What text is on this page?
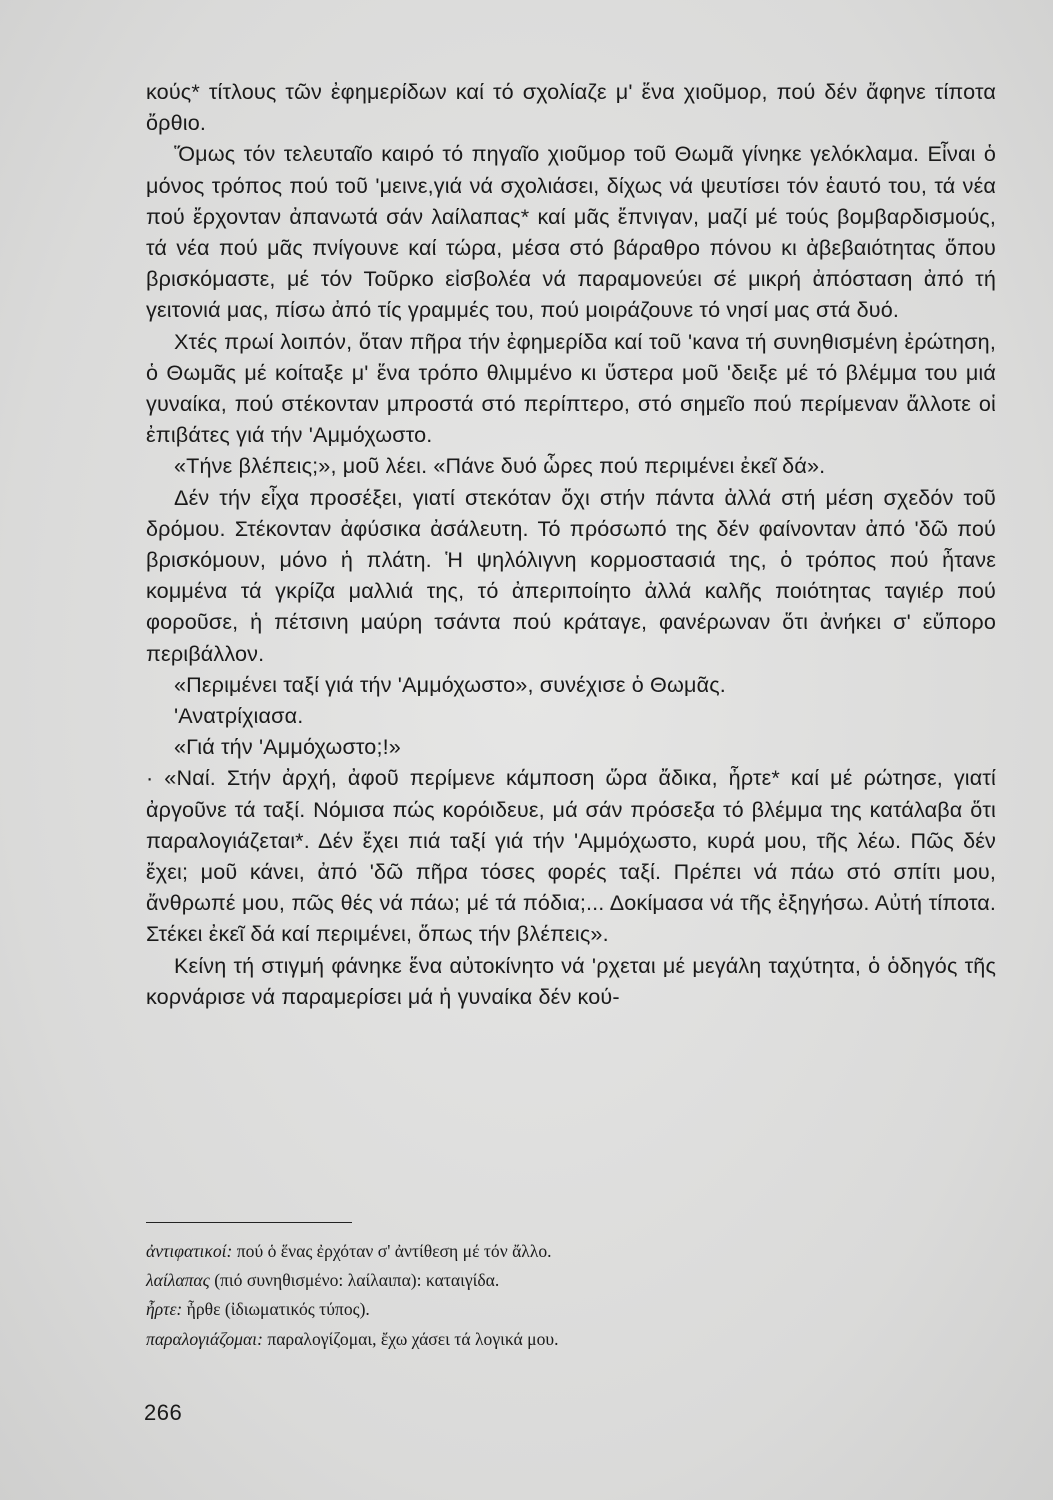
κούς* τίτλους τῶν ἐφημερίδων καί τό σχολίαζε μ' ἕνα χιοῦμορ, πού δέν ἄφηνε τίποτα ὄρθιο.

Ὅμως τόν τελευταῖο καιρό τό πηγαῖο χιοῦμορ τοῦ Θωμᾶ γίνηκε γελόκλαμα. Εἶναι ὁ μόνος τρόπος πού τοῦ 'μεινε,γιά νά σχολιάσει, δίχως νά ψευτίσει τόν ἑαυτό του, τά νέα πού ἔρχονταν ἀπανωτά σάν λαίλαπας* καί μᾶς ἔπνιγαν, μαζί μέ τούς βομβαρδισμούς, τά νέα πού μᾶς πνίγουνε καί τώρα, μέσα στό βάραθρο πόνου κι ἀβεβαιότητας ὅπου βρισκόμαστε, μέ τόν Τοῦρκο εἰσβολέα νά παραμονεύει σέ μικρή ἀπόσταση ἀπό τή γειτονιά μας, πίσω ἀπό τίς γραμμές του, πού μοιράζουνε τό νησί μας στά δυό.

Χτές πρωί λοιπόν, ὅταν πῆρα τήν ἐφημερίδα καί τοῦ 'κανα τή συνηθισμένη ἐρώτηση, ὁ Θωμᾶς μέ κοίταξε μ' ἕνα τρόπο θλιμμένο κι ὕστερα μοῦ 'δειξε μέ τό βλέμμα του μιά γυναίκα, πού στέκονταν μπροστά στό περίπτερο, στό σημεῖο πού περίμεναν ἄλλοτε οἱ ἐπιβάτες γιά τήν 'Αμμόχωστο.

«Τήνε βλέπεις;», μοῦ λέει. «Πάνε δυό ὧρες πού περιμένει ἐκεῖ δά».

Δέν τήν εἶχα προσέξει, γιατί στεκόταν ὄχι στήν πάντα ἀλλά στή μέση σχεδόν τοῦ δρόμου. Στέκονταν ἀφύσικα ἀσάλευτη. Τό πρόσωπό της δέν φαίνονταν ἀπό 'δῶ πού βρισκόμουν, μόνο ἡ πλάτη. Ἡ ψηλόλιγνη κορμοστασιά της, ὁ τρόπος πού ἦτανε κομμένα τά γκρίζα μαλλιά της, τό ἀπεριποίητο ἀλλά καλῆς ποιότητας ταγιέρ πού φοροῦσε, ἡ πέτσινη μαύρη τσάντα πού κράταγε, φανέρωναν ὅτι ἀνήκει σ' εὔπορο περιβάλλον.

«Περιμένει ταξί γιά τήν 'Αμμόχωστο», συνέχισε ὁ Θωμᾶς.

'Ανατρίχιασα.

«Γιά τήν 'Αμμόχωστο;!»

· «Ναί. Στήν ἀρχή, ἀφοῦ περίμενε κάμποση ὥρα ἄδικα, ἦρτε* καί μέ ρώτησε, γιατί ἀργοῦνε τά ταξί. Νόμισα πώς κορόιδευε, μά σάν πρόσεξα τό βλέμμα της κατάλαβα ὅτι παραλογιάζεται*. Δέν ἔχει πιά ταξί γιά τήν 'Αμμόχωστο, κυρά μου, τῆς λέω. Πῶς δέν ἔχει; μοῦ κάνει, ἀπό 'δῶ πῆρα τόσες φορές ταξί. Πρέπει νά πάω στό σπίτι μου, ἄνθρωπέ μου, πῶς θές νά πάω; μέ τά πόδια;... Δοκίμασα νά τῆς ἐξηγήσω. Αὐτή τίποτα. Στέκει ἐκεῖ δά καί περιμένει, ὅπως τήν βλέπεις».

Κείνη τή στιγμή φάνηκε ἕνα αὐτοκίνητο νά 'ρχεται μέ μεγάλη ταχύτητα, ὁ ὁδηγός τῆς κορνάρισε νά παραμερίσει μά ἡ γυναίκα δέν κού-

ἀντιφατικοί: πού ὁ ἕνας ἐρχόταν σ' ἀντίθεση μέ τόν ἄλλο.
λαίλαπας (πιό συνηθισμένο: λαίλαιπα): καταιγίδα.
ἦρτε: ἦρθε (ἰδιωματικός τύπος).
παραλογιάζομαι: παραλογίζομαι, ἔχω χάσει τά λογικά μου.
266
